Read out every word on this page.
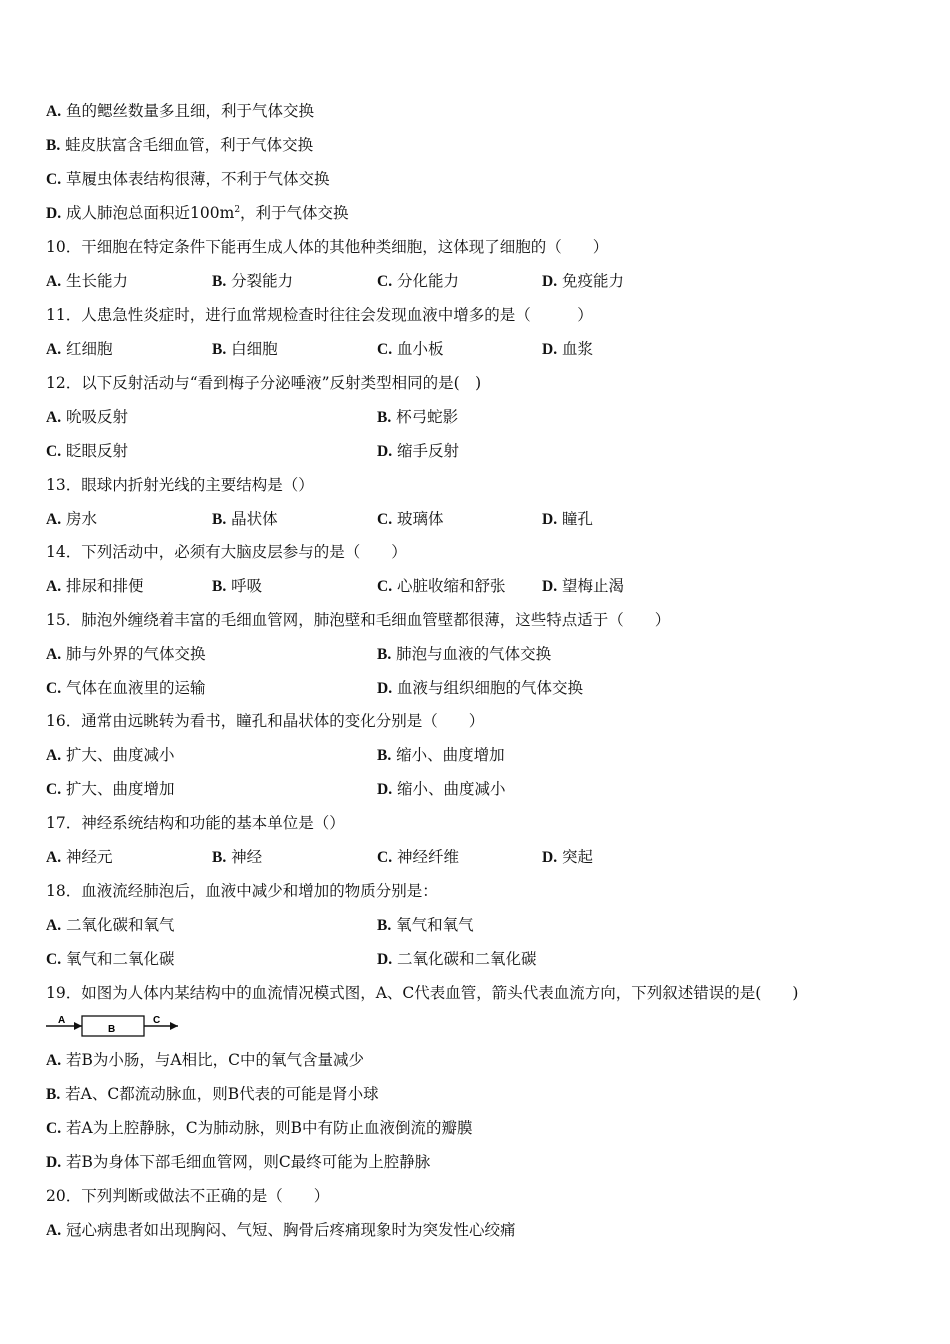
A. 鱼的鳃丝数量多且细，利于气体交换
B. 蛙皮肤富含毛细血管，利于气体交换
C. 草履虫体表结构很薄，不利于气体交换
D. 成人肺泡总面积近$100m^2$，利于气体交换
10．干细胞在特定条件下能再生成人体的其他种类细胞，这体现了细胞的（　　）
A. 生长能力	B. 分裂能力	C. 分化能力	D. 免疫能力
11．人患急性炎症时，进行血常规检查时往往会发现血液中增多的是（　　　）
A. 红细胞	B. 白细胞	C. 血小板	D. 血浆
12．以下反射活动与“看到梅子分泌唾液”反射类型相同的是(　)
A. 吮吸反射	B. 杯弓蛇影
C. 眨眼反射	D. 缩手反射
13．眼球内折射光线的主要结构是（）
A. 房水	B. 晶状体	C. 玻璃体	D. 瞳孔
14．下列活动中，必须有大脑皮层参与的是（　　）
A. 排尿和排便	B. 呼吸	C. 心脏收缩和舒张 D. 望梅止渴
15．肺泡外缠绕着丰富的毛细血管网，肺泡壁和毛细血管壁都很薄，这些特点适于（　　）
A. 肺与外界的气体交换	B. 肺泡与血液的气体交换
C. 气体在血液里的运输	D. 血液与组织细胞的气体交换
16．通常由远眺转为看书，瞳孔和晶状体的变化分别是（　　）
A. 扩大、曲度减小	B. 缩小、曲度增加
C. 扩大、曲度增加	D. 缩小、曲度减小
17．神经系统结构和功能的基本单位是（）
A. 神经元	B. 神经	C. 神经纤维	D. 突起
18．血液流经肺泡后，血液中减少和增加的物质分别是：
A. 二氧化碳和氧气	B. 氧气和氧气
C. 氧气和二氧化碳	D. 二氧化碳和二氧化碳
19．如图为人体内某结构中的血流情况模式图，A、C代表血管，箭头代表血流方向，下列叙述错误的是(　　)
A
B
C
A. 若B为小肠，与A相比，C中的氧气含量减少
B. 若A、C都流动脉血，则B代表的可能是肾小球
C. 若A为上腔静脉，C为肺动脉，则B中有防止血液倒流的瓣膜
D. 若B为身体下部毛细血管网，则C最终可能为上腔静脉
20．下列判断或做法不正确的是（　　）
A. 冠心病患者如出现胸闷、气短、胸骨后疼痛现象时为突发性心绞痛
